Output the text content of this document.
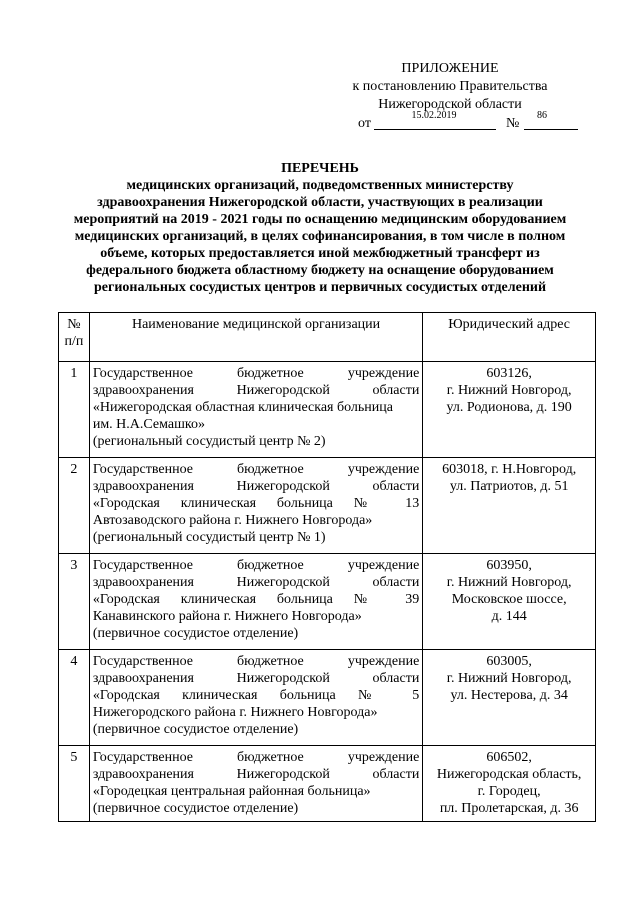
ПРИЛОЖЕНИЕ
к постановлению Правительства
Нижегородской области
от
15.02.2019
№
86
ПЕРЕЧЕНЬ
медицинских организаций, подведомственных министерству
здравоохранения Нижегородской области, участвующих в реализации
мероприятий на 2019 - 2021 годы по оснащению медицинским оборудованием
медицинских организаций, в целях софинансирования, в том числе в полном
объеме, которых предоставляется иной межбюджетный трансферт из
федерального бюджета областному бюджету на оснащение оборудованием
региональных сосудистых центров и первичных сосудистых отделений
№ п/п	Наименование медицинской организации	Юридический адрес
1	Государственное бюджетное учреждение
здравоохранения Нижегородской области
«Нижегородская областная клиническая больница
им. Н.А.Семашко»
(региональный сосудистый центр № 2)	603126,
г. Нижний Новгород,
ул. Родионова, д. 190

2	Государственное бюджетное учреждение
здравоохранения Нижегородской области
«Городская клиническая больница № 13
Автозаводского района г. Нижнего Новгорода»
(региональный сосудистый центр № 1)	603018, г. Н.Новгород,
ул. Патриотов, д. 51

3	Государственное бюджетное учреждение
здравоохранения Нижегородской области
«Городская клиническая больница № 39
Канавинского района г. Нижнего Новгорода»
(первичное сосудистое отделение)	603950,
г. Нижний Новгород,
Московское шоссе,
д. 144

4	Государственное бюджетное учреждение
здравоохранения Нижегородской области
«Городская клиническая больница № 5
Нижегородского района г. Нижнего Новгорода»
(первичное сосудистое отделение)	603005,
г. Нижний Новгород,
ул. Нестерова, д. 34

5	Государственное бюджетное учреждение
здравоохранения Нижегородской области
«Городецкая центральная районная больница»
(первичное сосудистое отделение)	606502,
Нижегородская область,
г. Городец,
пл. Пролетарская, д. 36
